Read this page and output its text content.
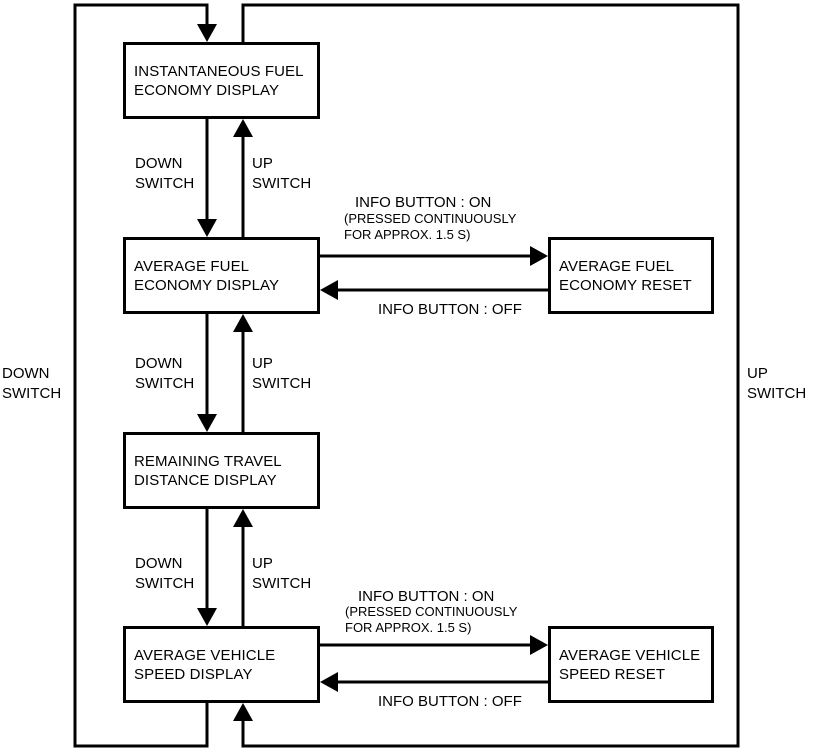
INSTANTANEOUS FUEL
ECONOMY DISPLAY
AVERAGE FUEL
ECONOMY DISPLAY
REMAINING TRAVEL
DISTANCE DISPLAY
AVERAGE VEHICLE
SPEED DISPLAY
AVERAGE FUEL
ECONOMY RESET
AVERAGE VEHICLE
SPEED RESET
DOWN
SWITCH
UP
SWITCH
DOWN
SWITCH
UP
SWITCH
DOWN
SWITCH
UP
SWITCH
DOWN
SWITCH
UP
SWITCH
INFO BUTTON : ON
(PRESSED CONTINUOUSLY
FOR APPROX. 1.5 S)
INFO BUTTON : OFF
INFO BUTTON : ON
(PRESSED CONTINUOUSLY
FOR APPROX. 1.5 S)
INFO BUTTON : OFF
